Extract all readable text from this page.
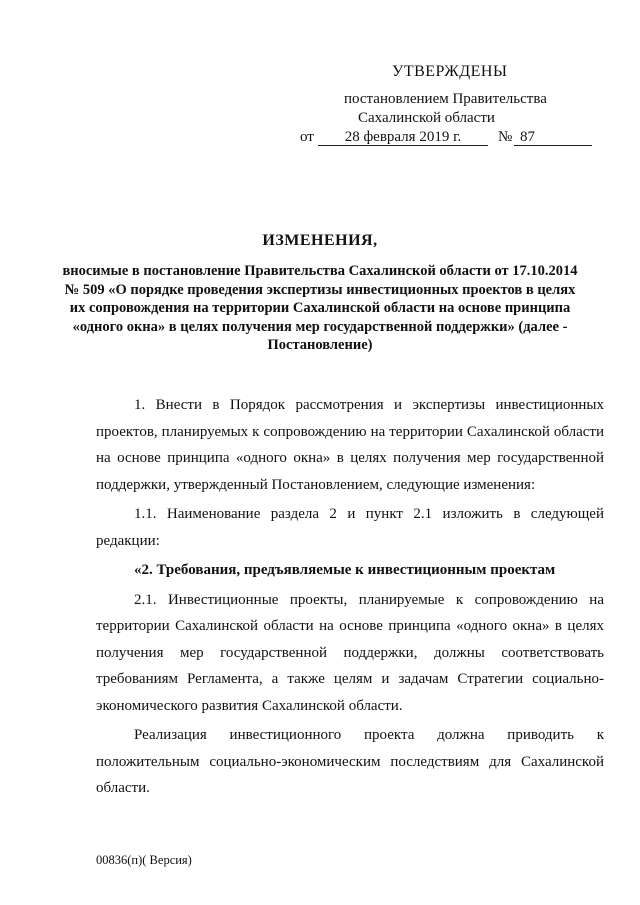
УТВЕРЖДЕНЫ
постановлением Правительства
Сахалинской области
от	28 февраля 2019 г.	№ 87
ИЗМЕНЕНИЯ,
вносимые в постановление Правительства Сахалинской области от 17.10.2014 № 509 «О порядке проведения экспертизы инвестиционных проектов в целях их сопровождения на территории Сахалинской области на основе принципа «одного окна» в целях получения мер государственной поддержки» (далее - Постановление)

1. Внести в Порядок рассмотрения и экспертизы инвестиционных проектов, планируемых к сопровождению на территории Сахалинской области на основе принципа «одного окна» в целях получения мер государственной поддержки, утвержденный Постановлением, следующие изменения:

1.1. Наименование раздела 2 и пункт 2.1 изложить в следующей редакции:

«2. Требования, предъявляемые к инвестиционным проектам

2.1. Инвестиционные проекты, планируемые к сопровождению на территории Сахалинской области на основе принципа «одного окна» в целях получения мер государственной поддержки, должны соответствовать требованиям Регламента, а также целям и задачам Стратегии социально-экономического развития Сахалинской области.

Реализация инвестиционного проекта должна приводить к положительным социально-экономическим последствиям для Сахалинской области.

00836(п)( Версия)
